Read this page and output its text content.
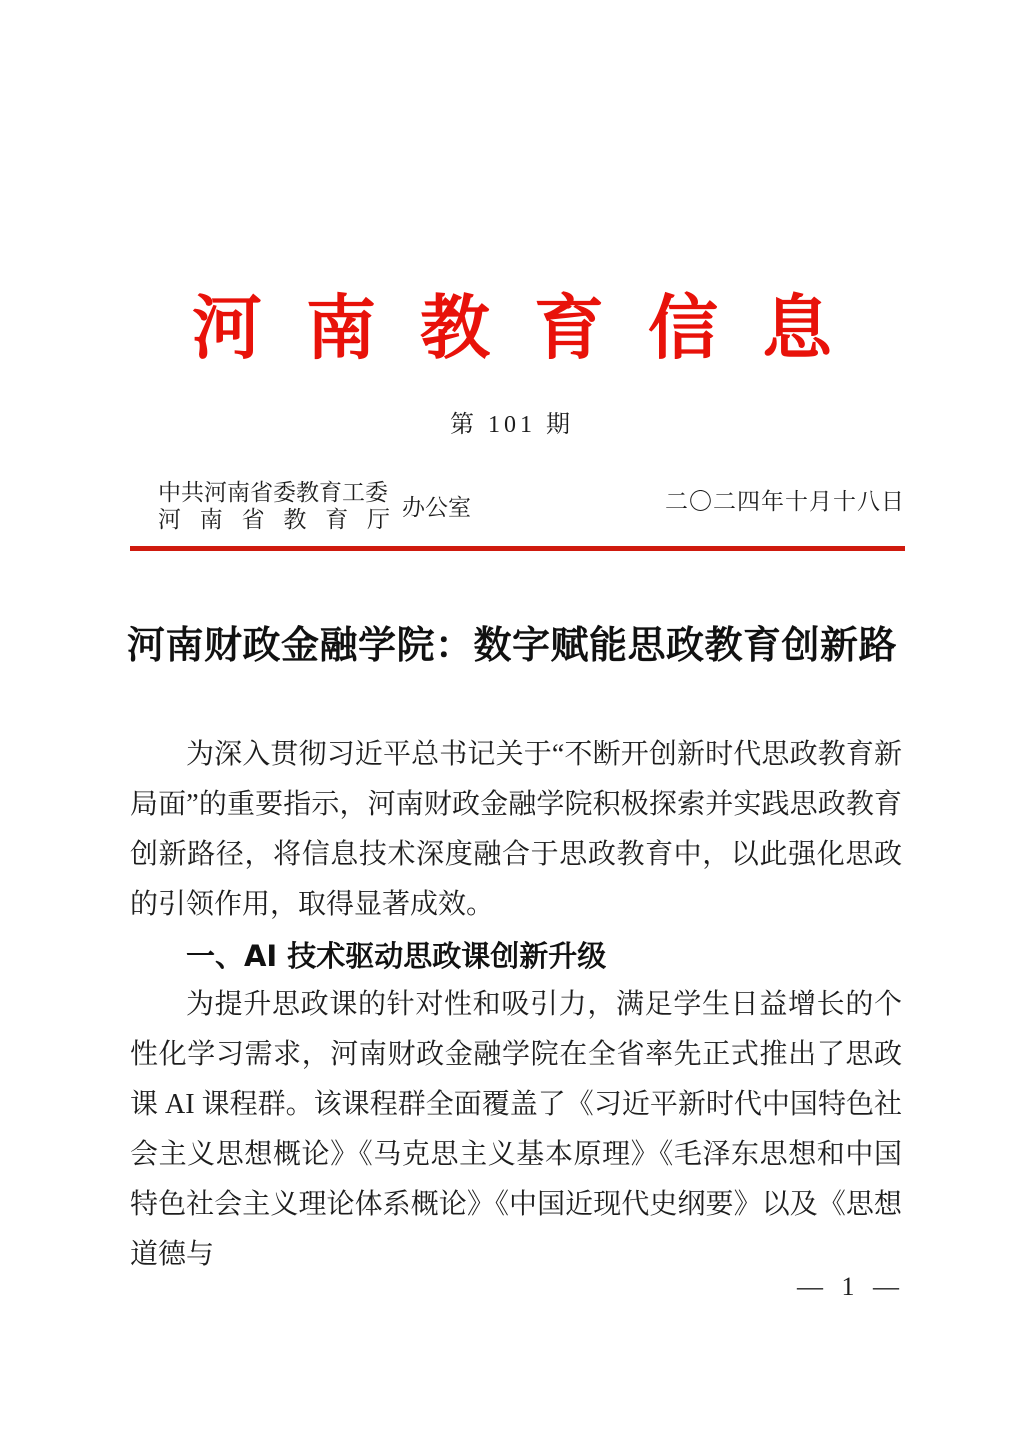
河南教育信息
第 101 期
中共河南省委教育工委
河南省教育厅 办公室	二〇二四年十月十八日
河南财政金融学院：数字赋能思政教育创新路
为深入贯彻习近平总书记关于“不断开创新时代思政教育新局面”的重要指示，河南财政金融学院积极探索并实践思政教育创新路径，将信息技术深度融合于思政教育中，以此强化思政的引领作用，取得显著成效。
一、AI 技术驱动思政课创新升级
为提升思政课的针对性和吸引力，满足学生日益增长的个性化学习需求，河南财政金融学院在全省率先正式推出了思政课 AI 课程群。该课程群全面覆盖了《习近平新时代中国特色社会主义思想概论》《马克思主义基本原理》《毛泽东思想和中国特色社会主义理论体系概论》《中国近现代史纲要》以及《思想道德与
— 1 —
